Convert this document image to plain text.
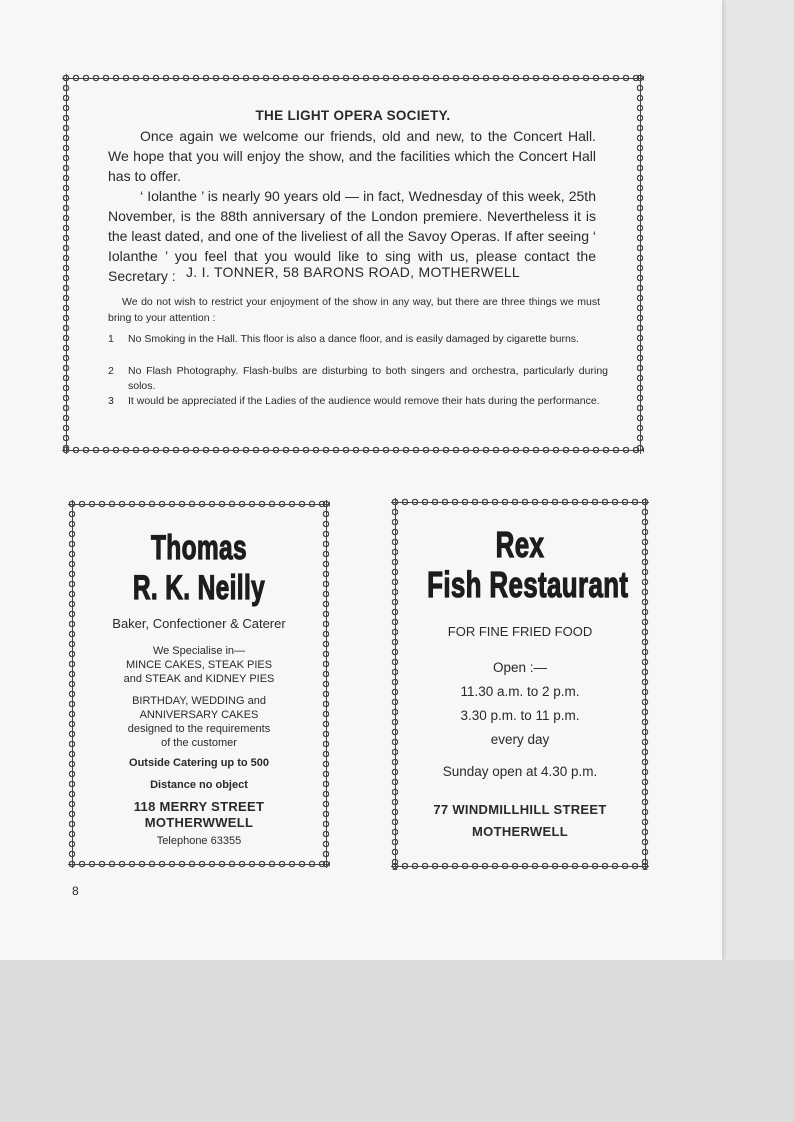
THE LIGHT OPERA SOCIETY.

Once again we welcome our friends, old and new, to the Concert Hall. We hope that you will enjoy the show, and the facilities which the Concert Hall has to offer.

‘ Iolanthe ’ is nearly 90 years old — in fact, Wednesday of this week, 25th November, is the 88th anniversary of the London premiere. Nevertheless it is the least dated, and one of the liveliest of all the Savoy Operas. If after seeing ‘ Iolanthe ’ you feel that you would like to sing with us, please contact the Secretary : J. I. TONNER, 58 BARONS ROAD, MOTHERWELL
We do not wish to restrict your enjoyment of the show in any way, but there are three things we must bring to your attention :
1 No Smoking in the Hall. This floor is also a dance floor, and is easily damaged by cigarette burns.
2 No Flash Photography. Flash-bulbs are disturbing to both singers and orchestra, particularly during solos.
3 It would be appreciated if the Ladies of the audience would remove their hats during the performance.
Thomas
R. K. Neilly
Baker, Confectioner & Caterer
We Specialise in—
MINCE CAKES, STEAK PIES
and STEAK and KIDNEY PIES
BIRTHDAY, WEDDING and
ANNIVERSARY CAKES
designed to the requirements
of the customer
Outside Catering up to 500
Distance no object
118 MERRY STREET
MOTHERWWELL
Telephone 63355
Rex
Fish Restaurant
FOR FINE FRIED FOOD
Open :—
11.30 a.m. to 2 p.m.
3.30 p.m. to 11 p.m.
every day
Sunday open at 4.30 p.m.
77 WINDMILLHILL STREET
MOTHERWELL
8
